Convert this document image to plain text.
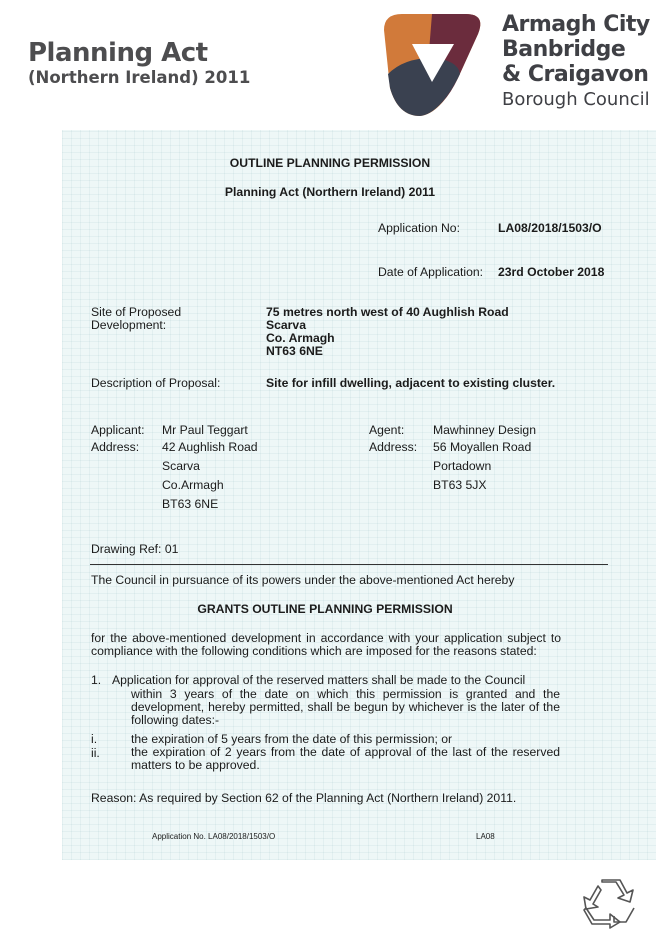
Planning Act
(Northern Ireland) 2011
Armagh City
Banbridge
& Craigavon
Borough Council
OUTLINE PLANNING PERMISSION
Planning Act (Northern Ireland) 2011
Application No:	LA08/2018/1503/O
Date of Application: 23rd October 2018
Site of Proposed
Development:
75 metres north west of 40 Aughlish Road
Scarva
Co. Armagh
NT63 6NE
Description of Proposal:	Site for infill dwelling, adjacent to existing cluster.
Applicant: Mr Paul Teggart
Address: 42 Aughlish Road
Scarva
Co.Armagh
BT63 6NE
Agent: Mawhinney Design
Address: 56 Moyallen Road
Portadown
BT63 5JX
Drawing Ref: 01
The Council in pursuance of its powers under the above-mentioned Act hereby
GRANTS OUTLINE PLANNING PERMISSION
for the above-mentioned development in accordance with your application subject to compliance with the following conditions which are imposed for the reasons stated:
1. Application for approval of the reserved matters shall be made to the Council
within 3 years of the date on which this permission is granted and the development, hereby permitted, shall be begun by whichever is the later of the following dates:-
i.	the expiration of 5 years from the date of this permission; or
ii.	the expiration of 2 years from the date of approval of the last of the reserved matters to be approved.
Reason: As required by Section 62 of the Planning Act (Northern Ireland) 2011.
Application No. LA08/2018/1503/O	LA08
